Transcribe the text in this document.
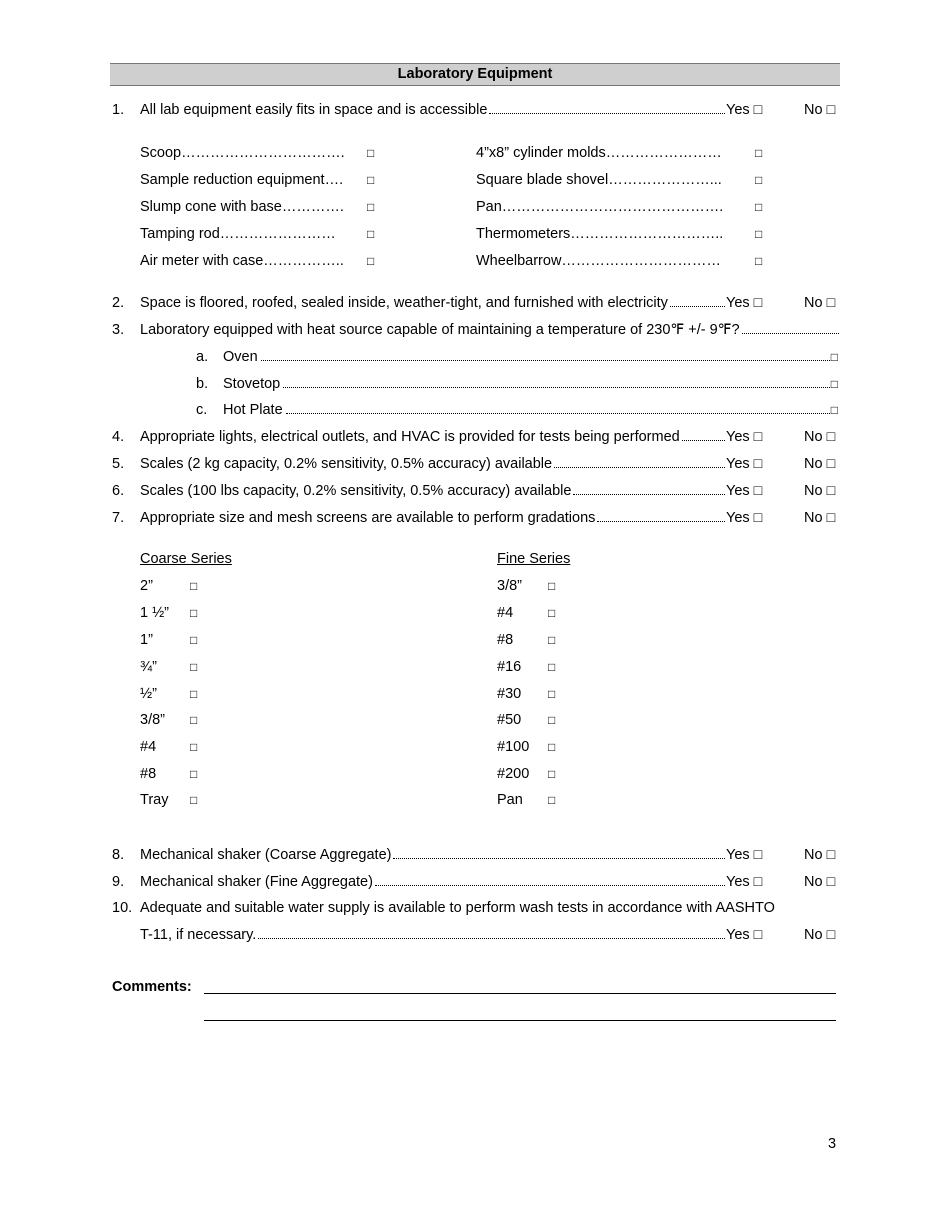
Laboratory Equipment
1. All lab equipment easily fits in space and is accessible	Yes □	No □
Scoop……………………………. □
Sample reduction equipment…. □
Slump cone with base…………. □
Tamping rod……………………	□
Air meter with case…………….. □
4”x8” cylinder molds……………………	□
Square blade shovel…………………...	□
Pan……………………………………….	□
Thermometers…………………………..	□
Wheelbarrow……………………………	□
2. Space is floored, roofed, sealed inside, weather-tight, and furnished with electricity	Yes □	No □
3. Laboratory equipped with heat source capable of maintaining a temperature of 230℉ +/- 9℉?
a. Oven	□
b. Stovetop	□
c. Hot Plate	□
4. Appropriate lights, electrical outlets, and HVAC is provided for tests being performed	Yes □	No □
5. Scales (2 kg capacity, 0.2% sensitivity, 0.5% accuracy) available	Yes □	No □
6. Scales (100 lbs capacity, 0.2% sensitivity, 0.5% accuracy) available	Yes □	No □
7. Appropriate size and mesh screens are available to perform gradations	Yes □	No □
Coarse Series
2”	□
1 ½” □
1”	□
¾”	□
½”	□
3/8” □
#4	□
#8	□
Tray □
Fine Series
3/8” □
#4	□
#8	□
#16 □
#30 □
#50 □
#100 □
#200 □
Pan □
8. Mechanical shaker (Coarse Aggregate)	Yes □	No □
9. Mechanical shaker (Fine Aggregate)	Yes □	No □
10. Adequate and suitable water supply is available to perform wash tests in accordance with AASHTO
T-11, if necessary.	Yes □	No □
Comments:
3
